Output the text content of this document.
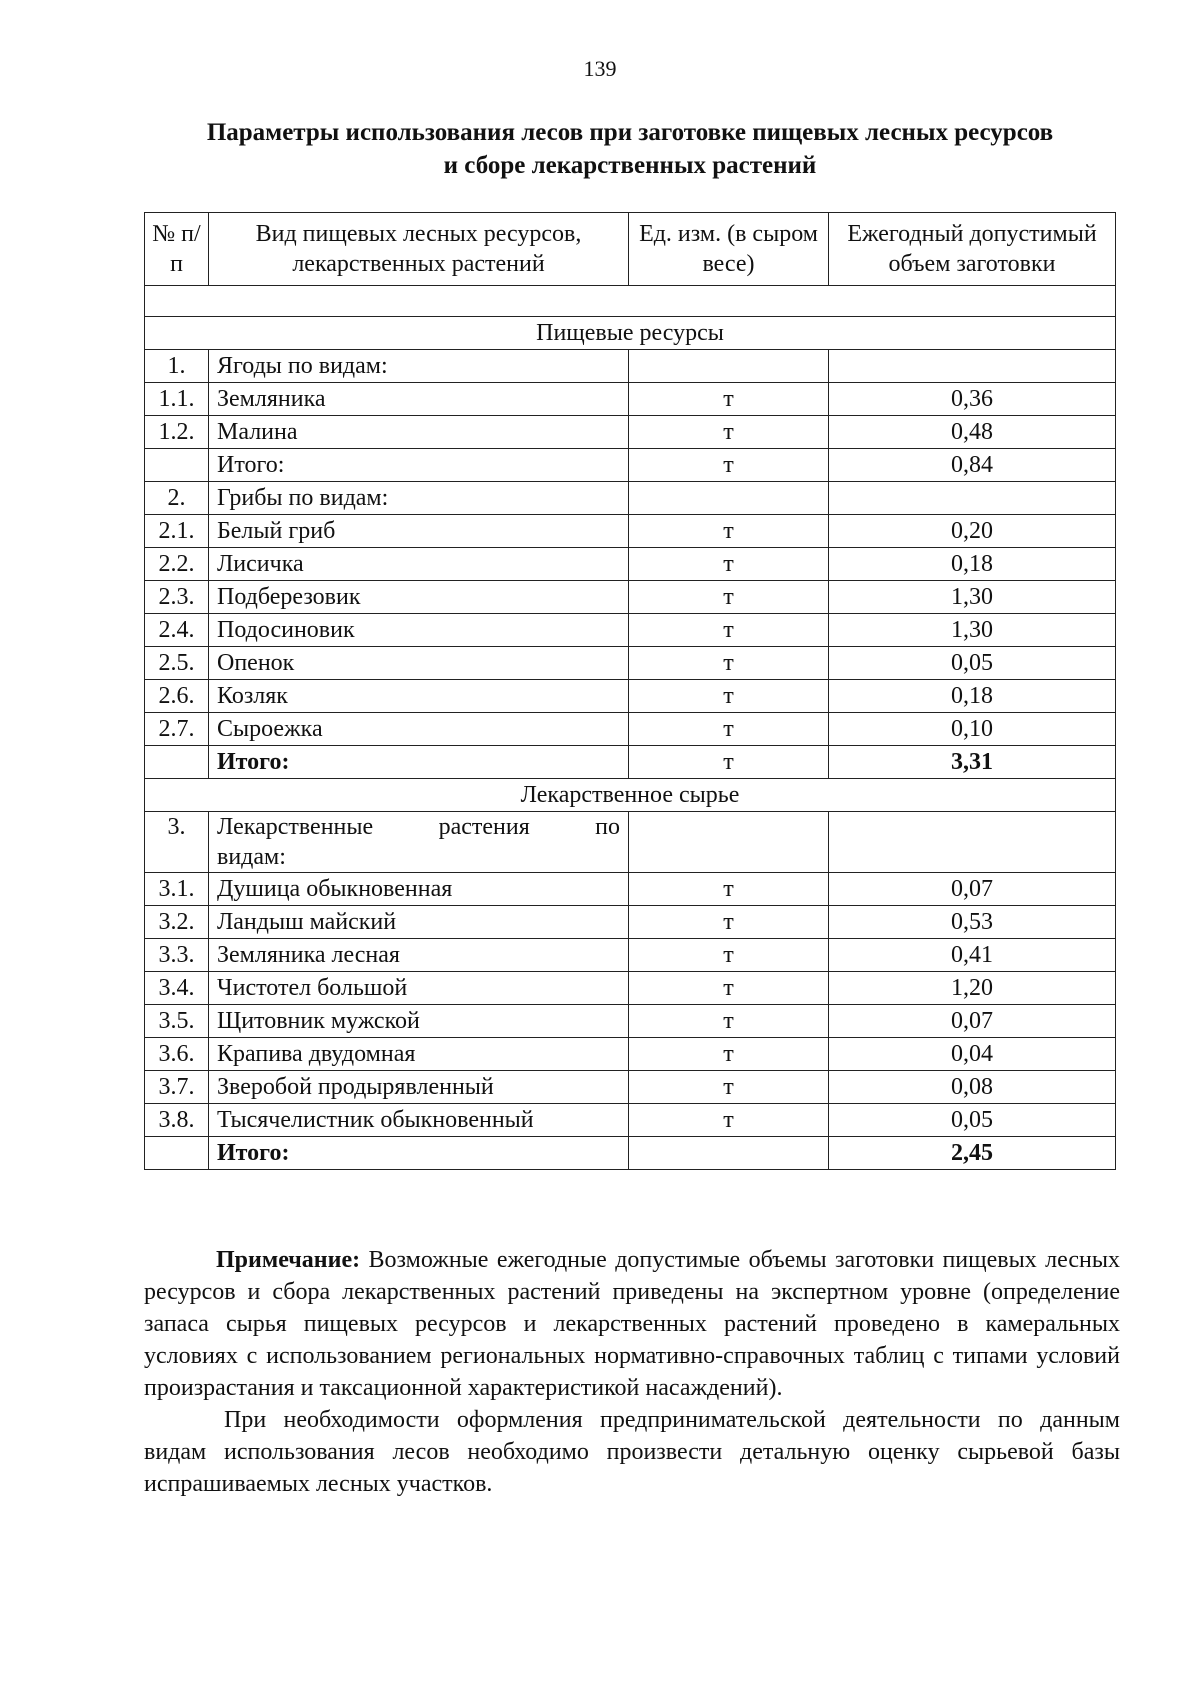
139
Параметры использования лесов при заготовке пищевых лесных ресурсов
и сборе лекарственных растений
№ п/п	Вид пищевых лесных ресурсов, лекарственных растений	Ед. изм. (в сыром весе)	Ежегодный допустимый объем заготовки

Пищевые ресурсы			
1.	Ягоды по видам:		
1.1.	Земляника	т	0,36
1.2.	Малина	т	0,48
	Итого:	т	0,84
2.	Грибы по видам:		
2.1.	Белый гриб	т	0,20
2.2.	Лисичка	т	0,18
2.3.	Подберезовик	т	1,30
2.4.	Подосиновик	т	1,30
2.5.	Опенок	т	0,05
2.6.	Козляк	т	0,18
2.7.	Сыроежка	т	0,10
	Итого:	т	3,31
Лекарственное сырье			
3.	Лекарственные растения по
видам:		

3.1.	Душица обыкновенная	т	0,07
3.2.	Ландыш майский	т	0,53
3.3.	Земляника лесная	т	0,41
3.4.	Чистотел большой	т	1,20
3.5.	Щитовник мужской	т	0,07
3.6.	Крапива двудомная	т	0,04
3.7.	Зверобой продырявленный	т	0,08
3.8.	Тысячелистник обыкновенный	т	0,05
	Итого:		2,45

Примечание: Возможные ежегодные допустимые объемы заготовки пищевых лесных ресурсов и сбора лекарственных растений приведены на экспертном уровне (определение запаса сырья пищевых ресурсов и лекарственных растений проведено в камеральных условиях с использованием региональных нормативно-справочных таблиц с типами условий произрастания и таксационной характеристикой насаждений).

При необходимости оформления предпринимательской деятельности по данным видам использования лесов необходимо произвести детальную оценку сырьевой базы испрашиваемых лесных участков.
